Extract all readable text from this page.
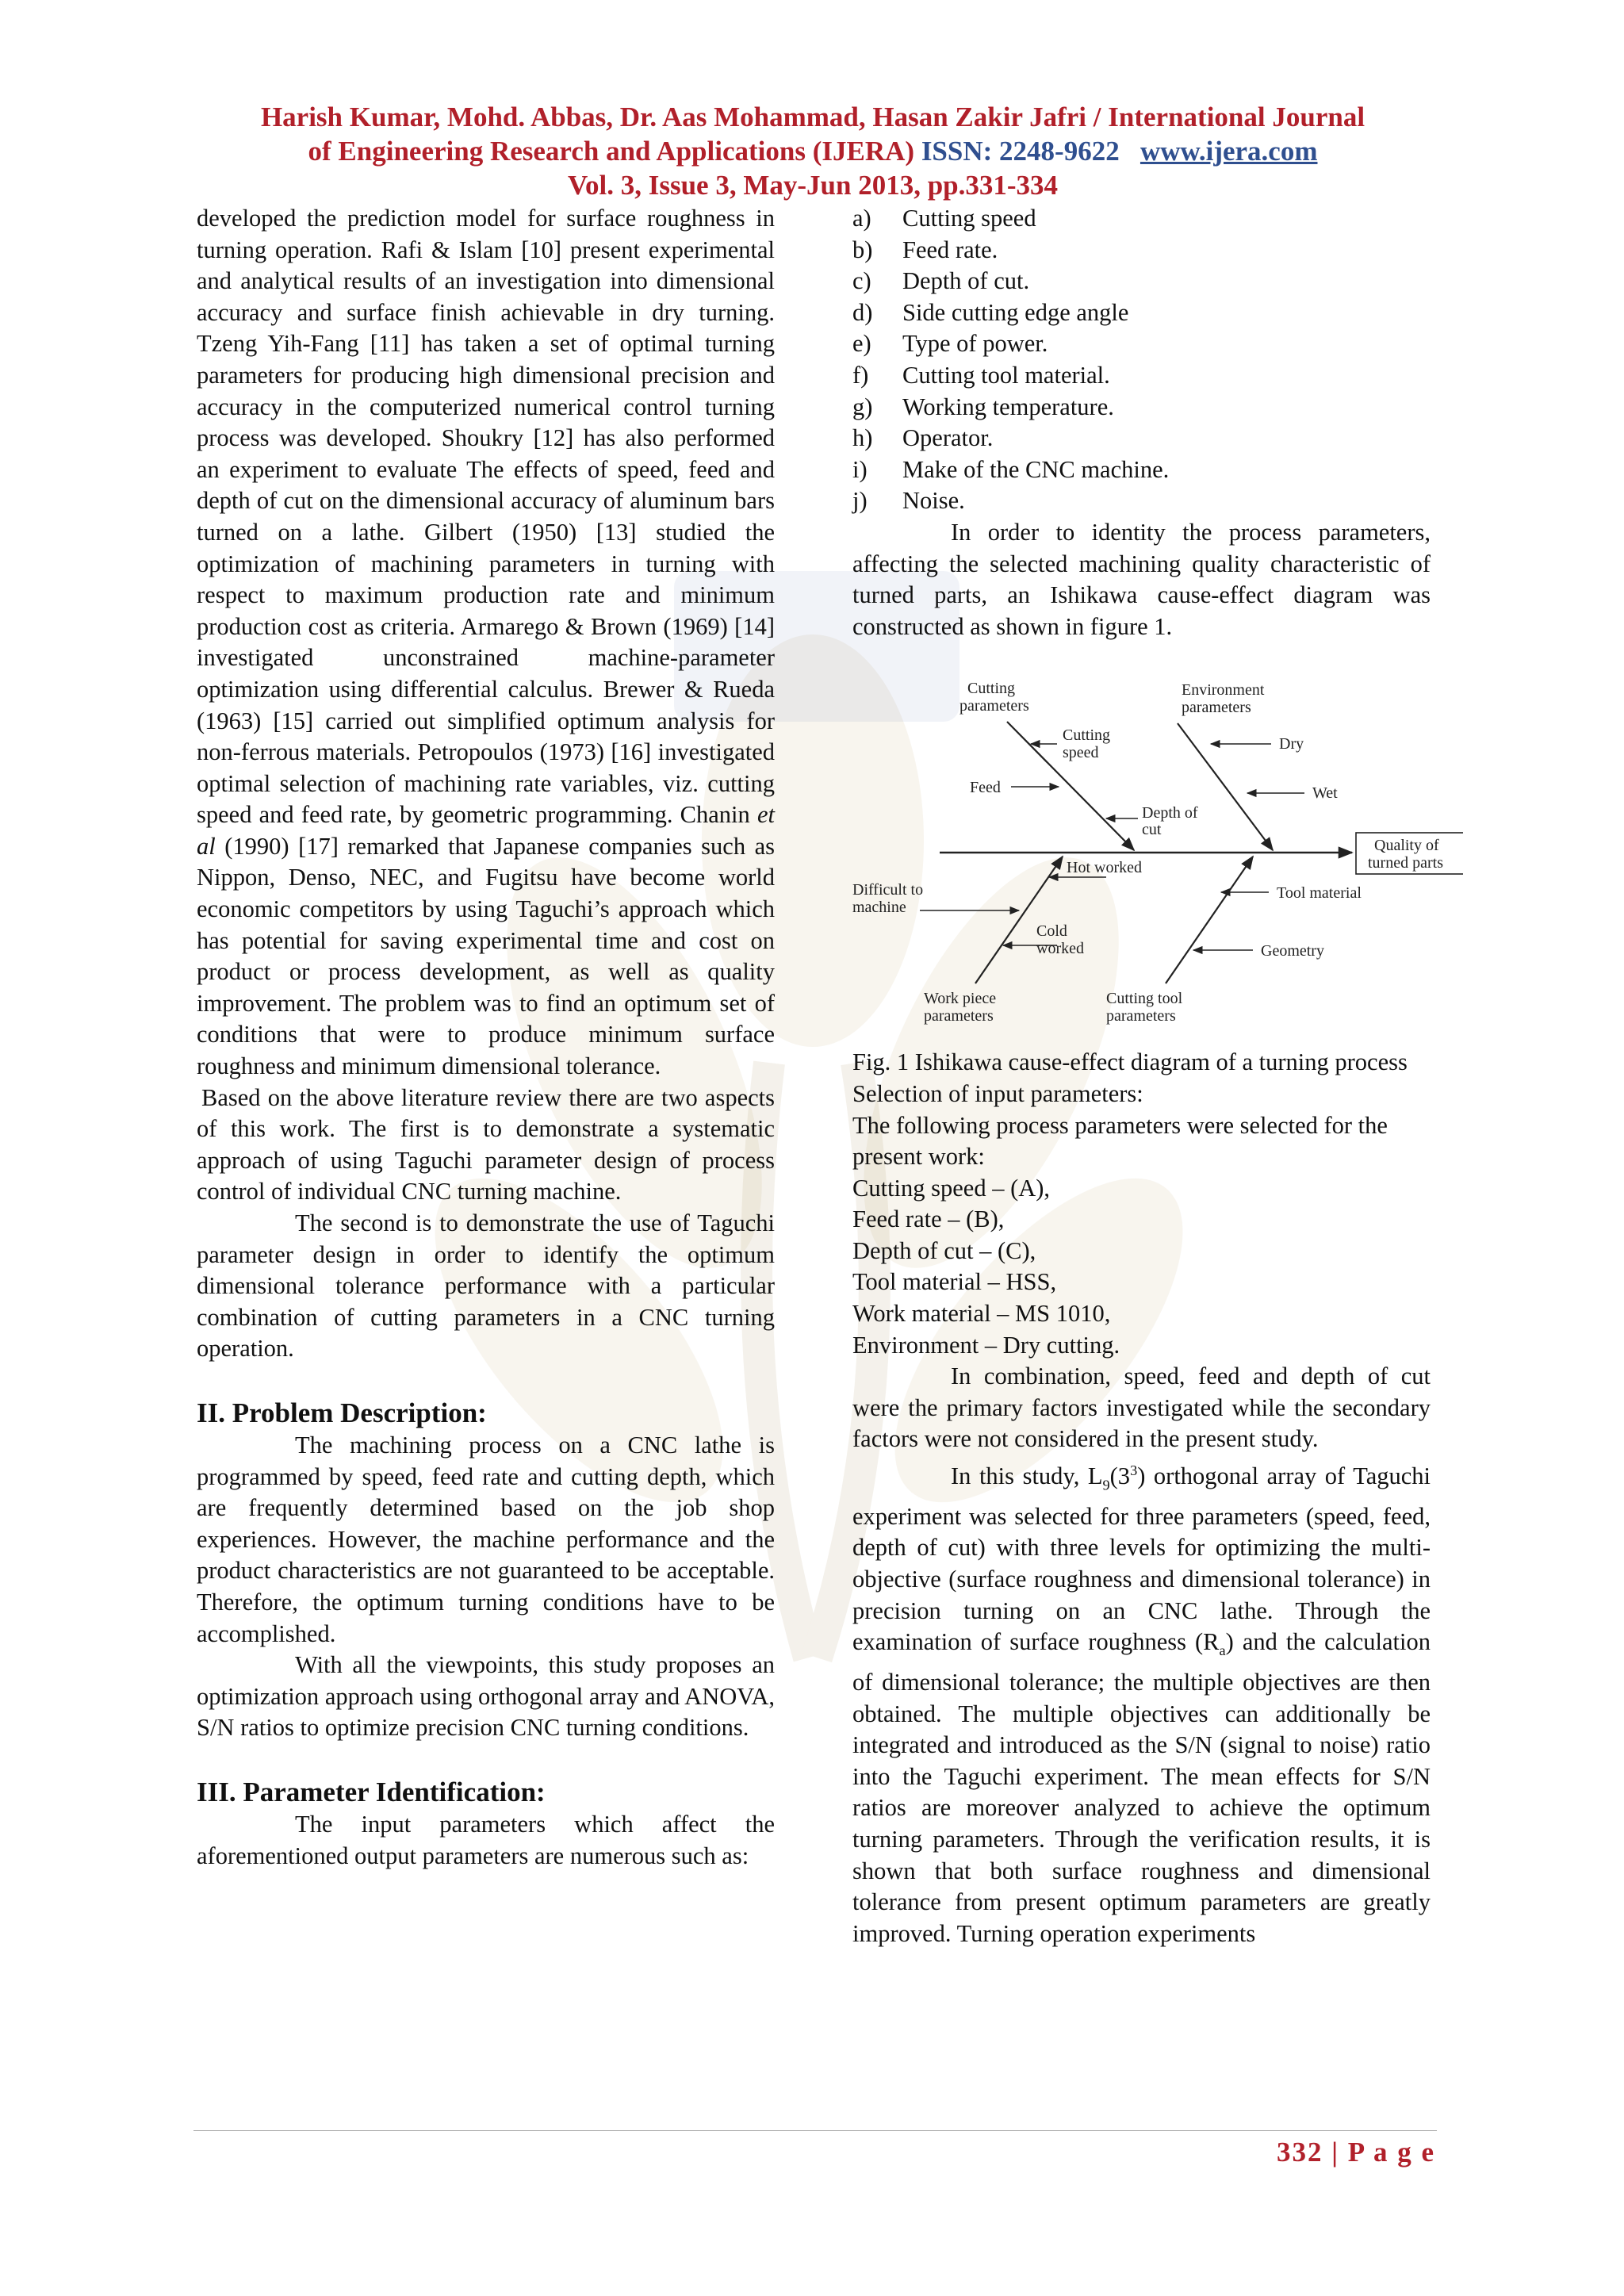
Harish Kumar, Mohd. Abbas, Dr. Aas Mohammad, Hasan Zakir Jafri / International Journal
of Engineering Research and Applications (IJERA) ISSN: 2248-9622 www.ijera.com
Vol. 3, Issue 3, May-Jun 2013, pp.331-334

developed the prediction model for surface roughness in turning operation. Rafi & Islam [10] present experimental and analytical results of an investigation into dimensional accuracy and surface finish achievable in dry turning. Tzeng Yih-Fang [11] has taken a set of optimal turning parameters for producing high dimensional precision and accuracy in the computerized numerical control turning process was developed. Shoukry [12] has also performed an experiment to evaluate The effects of speed, feed and depth of cut on the dimensional accuracy of aluminum bars turned on a lathe. Gilbert (1950) [13] studied the optimization of machining parameters in turning with respect to maximum production rate and minimum production cost as criteria. Armarego & Brown (1969) [14] investigated unconstrained machine-parameter optimization using differential calculus. Brewer & Rueda (1963) [15] carried out simplified optimum analysis for non-ferrous materials. Petropoulos (1973) [16] investigated optimal selection of machining rate variables, viz. cutting speed and feed rate, by geometric programming. Chanin et al (1990) [17] remarked that Japanese companies such as Nippon, Denso, NEC, and Fugitsu have become world economic competitors by using Taguchi’s approach which has potential for saving experimental time and cost on product or process development, as well as quality improvement. The problem was to find an optimum set of conditions that were to produce minimum surface roughness and minimum dimensional tolerance.

Based on the above literature review there are two aspects of this work. The first is to demonstrate a systematic approach of using Taguchi parameter design of process control of individual CNC turning machine.

The second is to demonstrate the use of Taguchi parameter design in order to identify the optimum dimensional tolerance performance with a particular combination of cutting parameters in a CNC turning operation.

II. Problem Description:

The machining process on a CNC lathe is programmed by speed, feed rate and cutting depth, which are frequently determined based on the job shop experiences. However, the machine performance and the product characteristics are not guaranteed to be acceptable. Therefore, the optimum turning conditions have to be accomplished.

With all the viewpoints, this study proposes an optimization approach using orthogonal array and ANOVA, S/N ratios to optimize precision CNC turning conditions.

III. Parameter Identification:

The input parameters which affect the aforementioned output parameters are numerous such as:

a)	Cutting speed
b)	Feed rate.
c)	Depth of cut.
d)	Side cutting edge angle
e)	Type of power.
f)	Cutting tool material.
g)	Working temperature.
h)	Operator.
i)	Make of the CNC machine.
j)	Noise.

In order to identity the process parameters, affecting the selected machining quality characteristic of turned parts, an Ishikawa cause-effect diagram was constructed as shown in figure 1.

Quality of
turned parts
Cutting
parameters
Cutting
speed
Feed
Depth of
cut
Environment
parameters
Dry
Wet
Work piece
parameters
Difficult to
machine
Hot worked
Cold
worked
Cutting tool
parameters
Tool material
Geometry

Fig. 1 Ishikawa cause-effect diagram of a turning process

Selection of input parameters:

The following process parameters were selected for the present work:

Cutting speed – (A),
Feed rate – (B),
Depth of cut – (C),
Tool material – HSS,
Work material – MS 1010,
Environment – Dry cutting.

In combination, speed, feed and depth of cut were the primary factors investigated while the secondary factors were not considered in the present study.

In this study, $L_9(3^3)$ orthogonal array of Taguchi experiment was selected for three parameters (speed, feed, depth of cut) with three levels for optimizing the multi-objective (surface roughness and dimensional tolerance) in precision turning on an CNC lathe. Through the examination of surface roughness $(R_a)$ and the calculation of dimensional tolerance; the multiple objectives are then obtained. The multiple objectives can additionally be integrated and introduced as the S/N (signal to noise) ratio into the Taguchi experiment. The mean effects for S/N ratios are moreover analyzed to achieve the optimum turning parameters. Through the verification results, it is shown that both surface roughness and dimensional tolerance from present optimum parameters are greatly improved. Turning operation experiments

332 | P a g e
